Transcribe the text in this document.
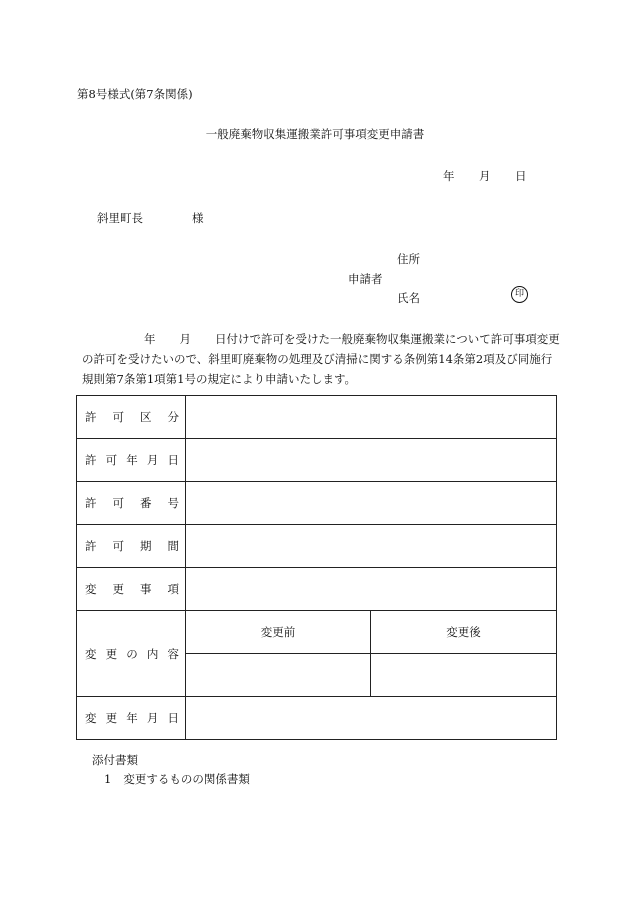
第8号様式(第7条関係)
一般廃棄物収集運搬業許可事項変更申請書
年 月 日
斜里町長	様
住所
申請者
氏名	印
年 月 日付けで許可を受けた一般廃棄物収集運搬業について許可事項変更の許可を受けたいので、斜里町廃棄物の処理及び清掃に関する条例第14条第2項及び同施行規則第7条第1項第1号の規定により申請いたします。
許 可 区 分		

許 可 年 月 日		

許 可 番 号		

許 可 期 間		

変 更 事 項		

変 更 の 内 容	変更前	変更後

変 更 年 月 日		

添付書類
1 変更するものの関係書類
